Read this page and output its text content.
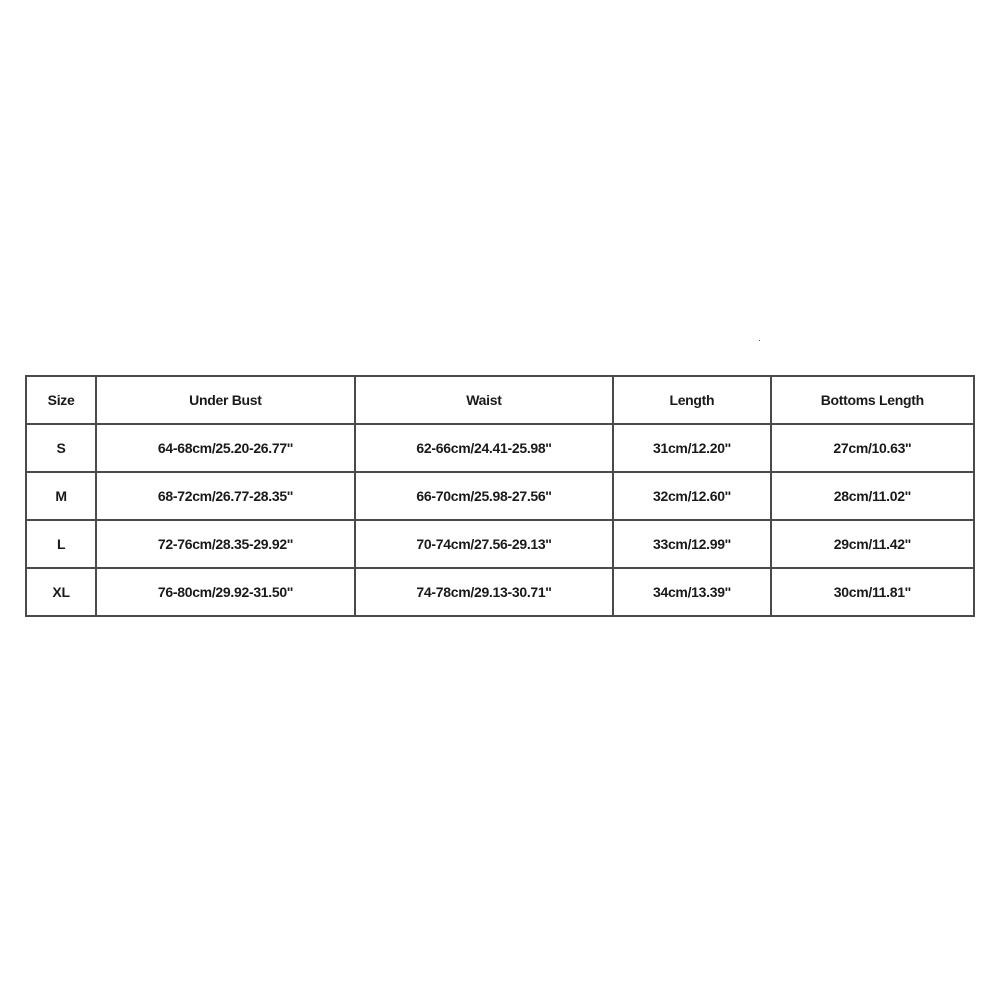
Size	Under Bust	Waist	Length	Bottoms Length
S	64-68cm/25.20-26.77''	62-66cm/24.41-25.98''	31cm/12.20''	27cm/10.63''
M	68-72cm/26.77-28.35''	66-70cm/25.98-27.56''	32cm/12.60''	28cm/11.02''
L	72-76cm/28.35-29.92''	70-74cm/27.56-29.13''	33cm/12.99''	29cm/11.42''
XL	76-80cm/29.92-31.50''	74-78cm/29.13-30.71''	34cm/13.39''	30cm/11.81''
